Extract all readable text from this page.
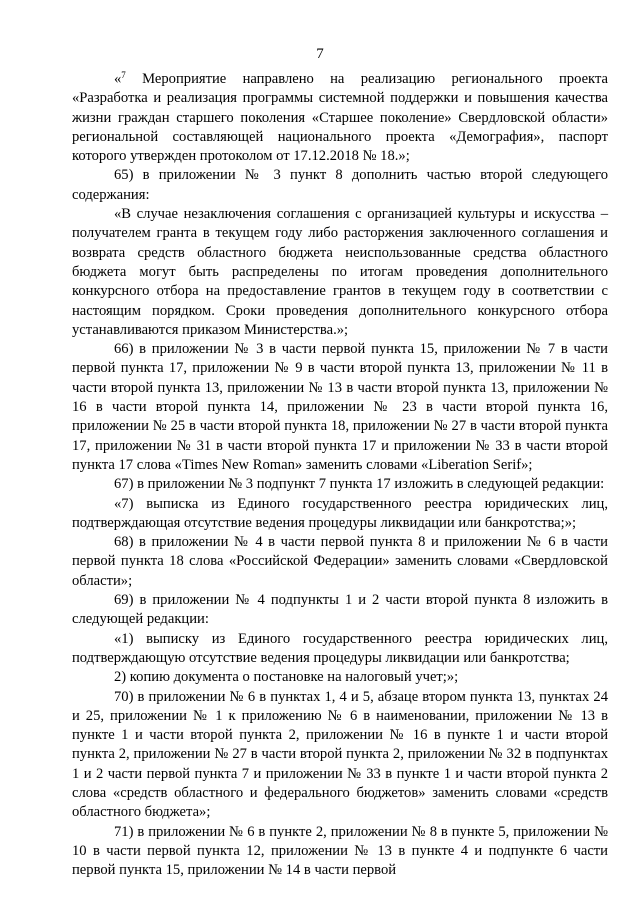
7

«$^7$ Мероприятие направлено на реализацию регионального проекта «Разработка и реализация программы системной поддержки и повышения качества жизни граждан старшего поколения «Старшее поколение» Свердловской области» региональной составляющей национального проекта «Демография», паспорт которого утвержден протоколом от 17.12.2018 № 18.»;

65) в приложении № 3 пункт 8 дополнить частью второй следующего содержания:

«В случае незаключения соглашения с организацией культуры и искусства – получателем гранта в текущем году либо расторжения заключенного соглашения и возврата средств областного бюджета неиспользованные средства областного бюджета могут быть распределены по итогам проведения дополнительного конкурсного отбора на предоставление грантов в текущем году в соответствии с настоящим порядком. Сроки проведения дополнительного конкурсного отбора устанавливаются приказом Министерства.»;

66) в приложении № 3 в части первой пункта 15, приложении № 7 в части первой пункта 17, приложении № 9 в части второй пункта 13, приложении № 11 в части второй пункта 13, приложении № 13 в части второй пункта 13, приложении № 16 в части второй пункта 14, приложении № 23 в части второй пункта 16, приложении № 25 в части второй пункта 18, приложении № 27 в части второй пункта 17, приложении № 31 в части второй пункта 17 и приложении № 33 в части второй пункта 17 слова «Times New Roman» заменить словами «Liberation Serif»;

67) в приложении № 3 подпункт 7 пункта 17 изложить в следующей редакции:

«7) выписка из Единого государственного реестра юридических лиц, подтверждающая отсутствие ведения процедуры ликвидации или банкротства;»;

68) в приложении № 4 в части первой пункта 8 и приложении № 6 в части первой пункта 18 слова «Российской Федерации» заменить словами «Свердловской области»;

69) в приложении № 4 подпункты 1 и 2 части второй пункта 8 изложить в следующей редакции:

«1) выписку из Единого государственного реестра юридических лиц, подтверждающую отсутствие ведения процедуры ликвидации или банкротства;

2) копию документа о постановке на налоговый учет;»;

70) в приложении № 6 в пунктах 1, 4 и 5, абзаце втором пункта 13, пунктах 24 и 25, приложении № 1 к приложению № 6 в наименовании, приложении № 13 в пункте 1 и части второй пункта 2, приложении № 16 в пункте 1 и части второй пункта 2, приложении № 27 в части второй пункта 2, приложении № 32 в подпунктах 1 и 2 части первой пункта 7 и приложении № 33 в пункте 1 и части второй пункта 2 слова «средств областного и федерального бюджетов» заменить словами «средств областного бюджета»;

71) в приложении № 6 в пункте 2, приложении № 8 в пункте 5, приложении № 10 в части первой пункта 12, приложении № 13 в пункте 4 и подпункте 6 части первой пункта 15, приложении № 14 в части первой
